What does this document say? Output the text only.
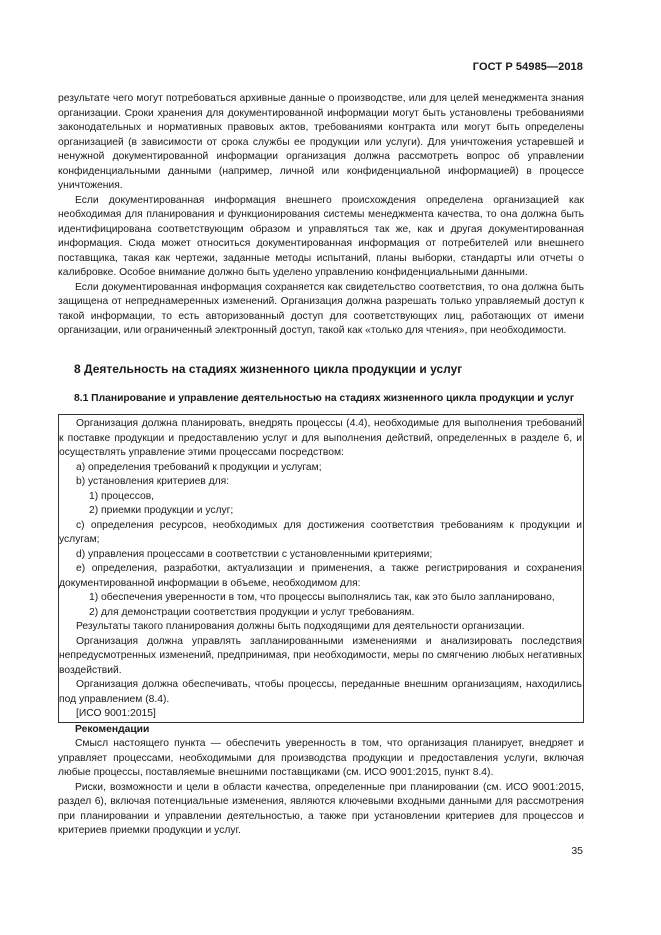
ГОСТ Р 54985—2018

результате чего могут потребоваться архивные данные о производстве, или для целей менеджмента знания организации. Сроки хранения для документированной информации могут быть установлены требованиями законодательных и нормативных правовых актов, требованиями контракта или могут быть определены организацией (в зависимости от срока службы ее продукции или услуги). Для уничтожения устаревшей и ненужной документированной информации организация должна рассмотреть вопрос об управлении конфиденциальными данными (например, личной или конфиденциальной информацией) в процессе уничтожения.

Если документированная информация внешнего происхождения определена организацией как необходимая для планирования и функционирования системы менеджмента качества, то она должна быть идентифицирована соответствующим образом и управляться так же, как и другая документированная информация. Сюда может относиться документированная информация от потребителей или внешнего поставщика, такая как чертежи, заданные методы испытаний, планы выборки, стандарты или отчеты о калибровке. Особое внимание должно быть уделено управлению конфиденциальными данными.

Если документированная информация сохраняется как свидетельство соответствия, то она должна быть защищена от непреднамеренных изменений. Организация должна разрешать только управляемый доступ к такой информации, то есть авторизованный доступ для соответствующих лиц, работающих от имени организации, или ограниченный электронный доступ, такой как «только для чтения», при необходимости.

8 Деятельность на стадиях жизненного цикла продукции и услуг
8.1 Планирование и управление деятельностью на стадиях жизненного цикла продукции и услуг

Организация должна планировать, внедрять процессы (4.4), необходимые для выполнения требований к поставке продукции и предоставлению услуг и для выполнения действий, определенных в разделе 6, и осуществлять управление этими процессами посредством:

a) определения требований к продукции и услугам;

b) установления критериев для:

1) процессов,

2) приемки продукции и услуг;

c) определения ресурсов, необходимых для достижения соответствия требованиям к продукции и услугам;

d) управления процессами в соответствии с установленными критериями;

e) определения, разработки, актуализации и применения, а также регистрирования и сохранения документированной информации в объеме, необходимом для:

1) обеспечения уверенности в том, что процессы выполнялись так, как это было запланировано,

2) для демонстрации соответствия продукции и услуг требованиям.

Результаты такого планирования должны быть подходящими для деятельности организации.

Организация должна управлять запланированными изменениями и анализировать последствия непредусмотренных изменений, предпринимая, при необходимости, меры по смягчению любых негативных воздействий.

Организация должна обеспечивать, чтобы процессы, переданные внешним организациям, находились под управлением (8.4).

[ИСО 9001:2015]

Рекомендации

Смысл настоящего пункта — обеспечить уверенность в том, что организация планирует, внедряет и управляет процессами, необходимыми для производства продукции и предоставления услуги, включая любые процессы, поставляемые внешними поставщиками (см. ИСО 9001:2015, пункт 8.4).

Риски, возможности и цели в области качества, определенные при планировании (см. ИСО 9001:2015, раздел 6), включая потенциальные изменения, являются ключевыми входными данными для рассмотрения при планировании и управлении деятельностью, а также при установлении критериев для процессов и критериев приемки продукции и услуг.

35
